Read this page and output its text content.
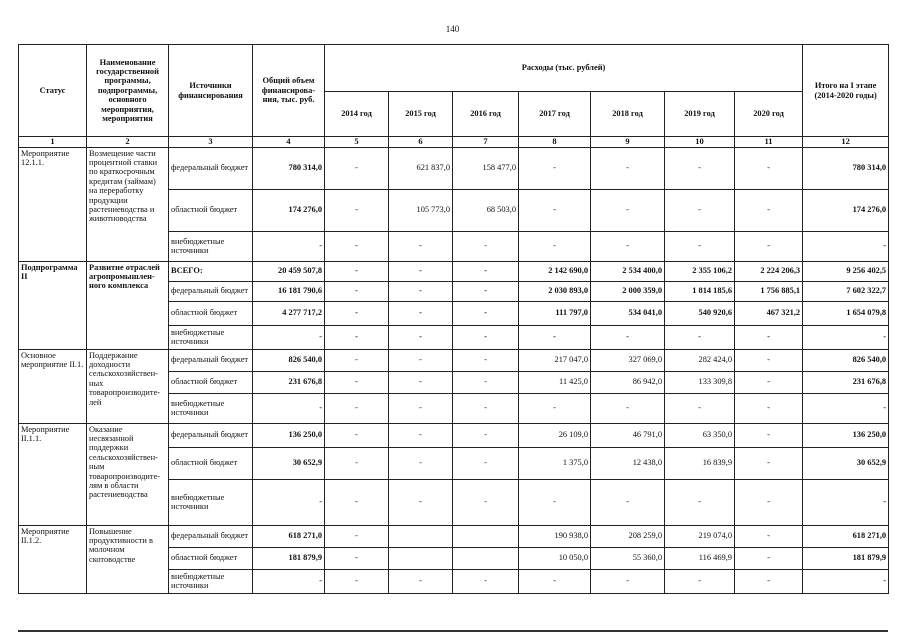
140
Статус	Наименование государственной программы, подпрограммы, основного мероприятия, мероприятия	Источники финансирования	Общий объем финансирова- ния, тыс. руб.	Расходы (тыс. рублей)							Итого на I этапе (2014-2020 годы)
				2014 год	2015 год	2016 год	2017 год	2018 год	2019 год	2020 год	
1	2	3	4	5	6	7	8	9	10	11	12
Мероприятие 12.1.1.	Возмещение части процентной ставки по краткосрочным кредитам (займам) на переработку продукции растениеводства и животноводства	федеральный бюджет	780 314,0	-	621 837,0	158 477,0	-	-	-	-	780 314,0
		областной бюджет	174 276,0	-	105 773,0	68 503,0	-	-	-	-	174 276,0
		внебюджетные источники	-	-	-	-	-	-	-	-	-
Подпрограмма II	Развитие отраслей агропромышлен- ного комплекса	ВСЕГО:	20 459 507,8	-	-	-	2 142 690,0	2 534 400,0	2 355 106,2	2 224 206,3	9 256 402,5
		федеральный бюджет	16 181 790,6	-	-	-	2 030 893,0	2 000 359,0	1 814 185,6	1 756 885,1	7 602 322,7
		областной бюджет	4 277 717,2	-	-	-	111 797,0	534 041,0	540 920,6	467 321,2	1 654 079,8
		внебюджетные источники	-	-	-	-	-	-	-	-	-
Основное мероприятие II.1.	Поддержание доходности сельскохозяйствен- ных товаропроизводите- лей	федеральный бюджет	826 540,0	-	-	-	217 047,0	327 069,0	282 424,0	-	826 540,0
		областной бюджет	231 676,8	-	-	-	11 425,0	86 942,0	133 309,8	-	231 676,8
		внебюджетные источники	-	-	-	-	-	-	-	-	-
Мероприятие II.1.1.	Оказание несвязанной поддержки сельскохозяйствен- ным товаропроизводите- лям в области растениеводства	федеральный бюджет	136 250,0	-	-	-	26 109,0	46 791,0	63 350,0	-	136 250,0
		областной бюджет	30 652,9	-	-	-	1 375,0	12 438,0	16 839,9	-	30 652,9
		внебюджетные источники	-	-	-	-	-	-	-	-	-
Мероприятие II.1.2.	Повышение продуктивности в молочном скотоводстве	федеральный бюджет	618 271,0	-			190 938,0	208 259,0	219 074,0	-	618 271,0
		областной бюджет	181 879,9	-			10 050,0	55 360,0	116 469,9	-	181 879,9
		внебюджетные источники	-	-	-	-	-	-	-	-	-
